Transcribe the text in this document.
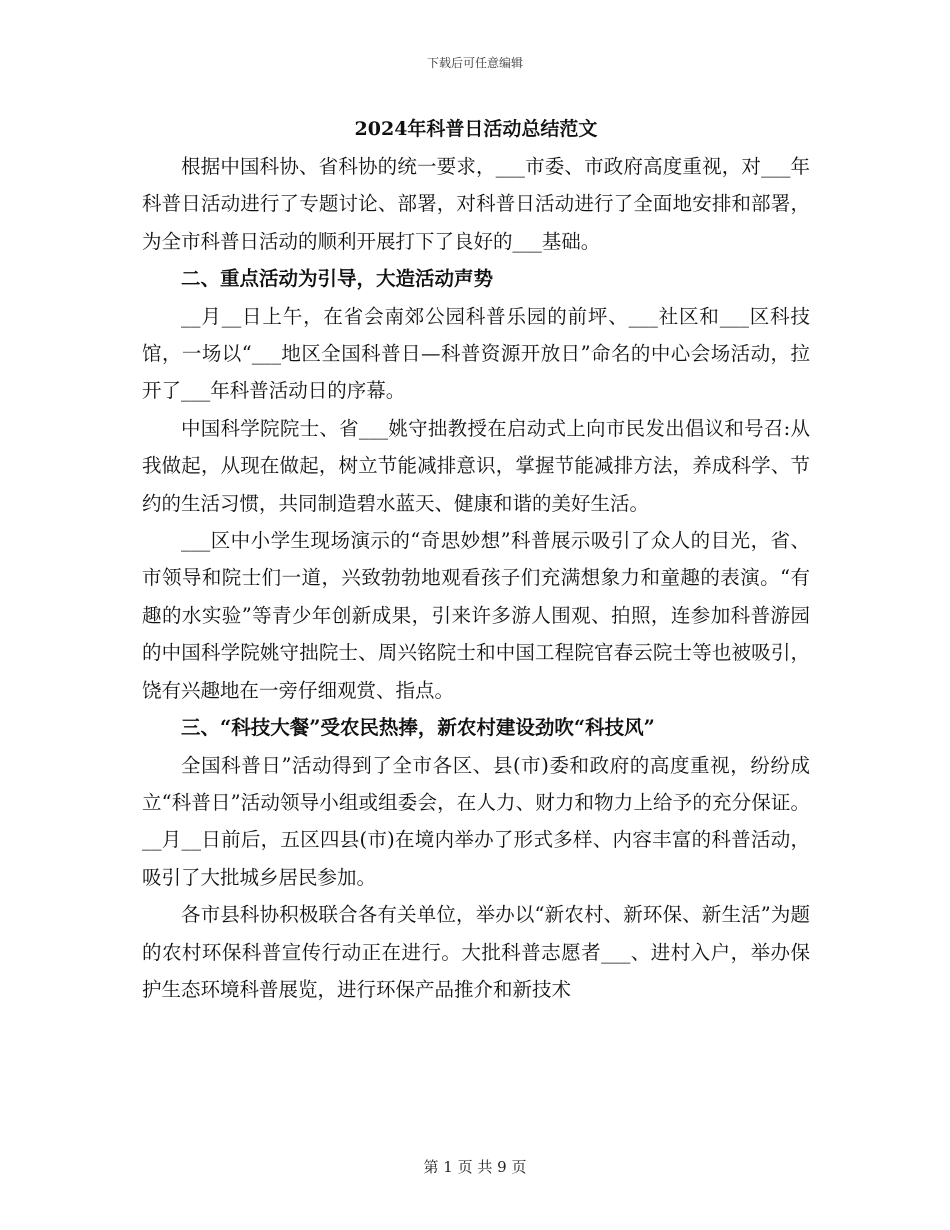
下载后可任意编辑
2024年科普日活动总结范文

根据中国科协、省科协的统一要求，___市委、市政府高度重视，对___年科普日活动进行了专题讨论、部署，对科普日活动进行了全面地安排和部署，为全市科普日活动的顺利开展打下了良好的___基础。

二、重点活动为引导，大造活动声势

__月__日上午，在省会南郊公园科普乐园的前坪、___社区和___区科技馆，一场以“___地区全国科普日—科普资源开放日”命名的中心会场活动，拉开了___年科普活动日的序幕。

中国科学院院士、省___姚守拙教授在启动式上向市民发出倡议和号召:从我做起，从现在做起，树立节能减排意识，掌握节能减排方法，养成科学、节约的生活习惯，共同制造碧水蓝天、健康和谐的美好生活。

___区中小学生现场演示的“奇思妙想”科普展示吸引了众人的目光，省、市领导和院士们一道，兴致勃勃地观看孩子们充满想象力和童趣的表演。“有趣的水实验”等青少年创新成果，引来许多游人围观、拍照，连参加科普游园的中国科学院姚守拙院士、周兴铭院士和中国工程院官春云院士等也被吸引，饶有兴趣地在一旁仔细观赏、指点。

三、“科技大餐”受农民热捧，新农村建设劲吹“科技风”

全国科普日”活动得到了全市各区、县(市)委和政府的高度重视，纷纷成立“科普日”活动领导小组或组委会，在人力、财力和物力上给予的充分保证。__月__日前后，五区四县(市)在境内举办了形式多样、内容丰富的科普活动，吸引了大批城乡居民参加。

各市县科协积极联合各有关单位，举办以“新农村、新环保、新生活”为题的农村环保科普宣传行动正在进行。大批科普志愿者___、进村入户，举办保护生态环境科普展览，进行环保产品推介和新技术

第 1 页 共 9 页
